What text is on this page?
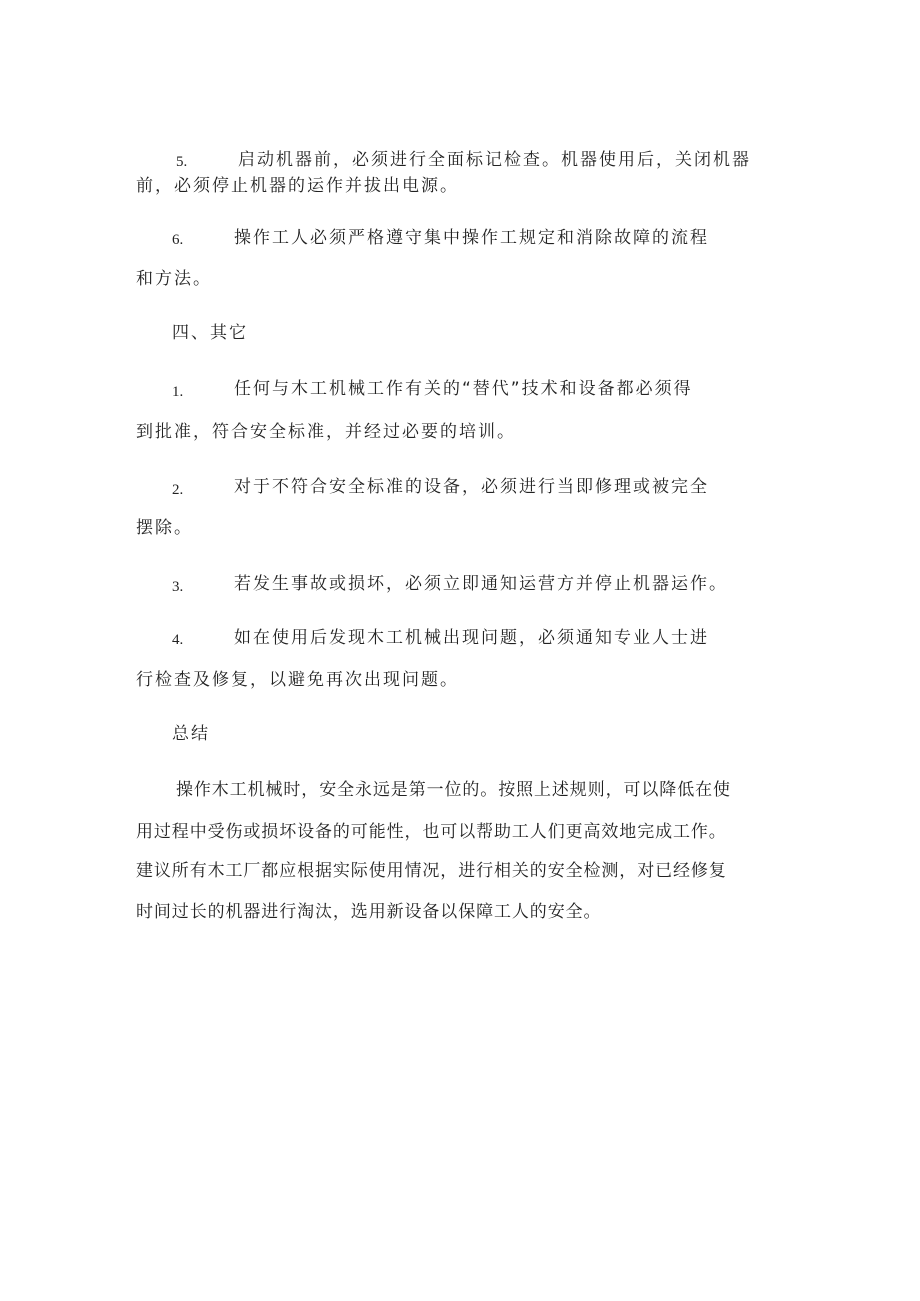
5.	启动机器前，必须进行全面标记检查。机器使用后，关闭机器
前，必须停止机器的运作并拔出电源。
6.	操作工人必须严格遵守集中操作工规定和消除故障的流程
和方法。
四、其它
1.	任何与木工机械工作有关的“替代”技术和设备都必须得
到批准，符合安全标准，并经过必要的培训。
2.	对于不符合安全标准的设备，必须进行当即修理或被完全
摆除。
3.	若发生事故或损坏，必须立即通知运营方并停止机器运作。
4.	如在使用后发现木工机械出现问题，必须通知专业人士进
行检查及修复，以避免再次出现问题。
总结
操作木工机械时，安全永远是第一位的。按照上述规则，可以降低在使
用过程中受伤或损坏设备的可能性，也可以帮助工人们更高效地完成工作。
建议所有木工厂都应根据实际使用情况，进行相关的安全检测，对已经修复
时间过长的机器进行淘汰，选用新设备以保障工人的安全。
